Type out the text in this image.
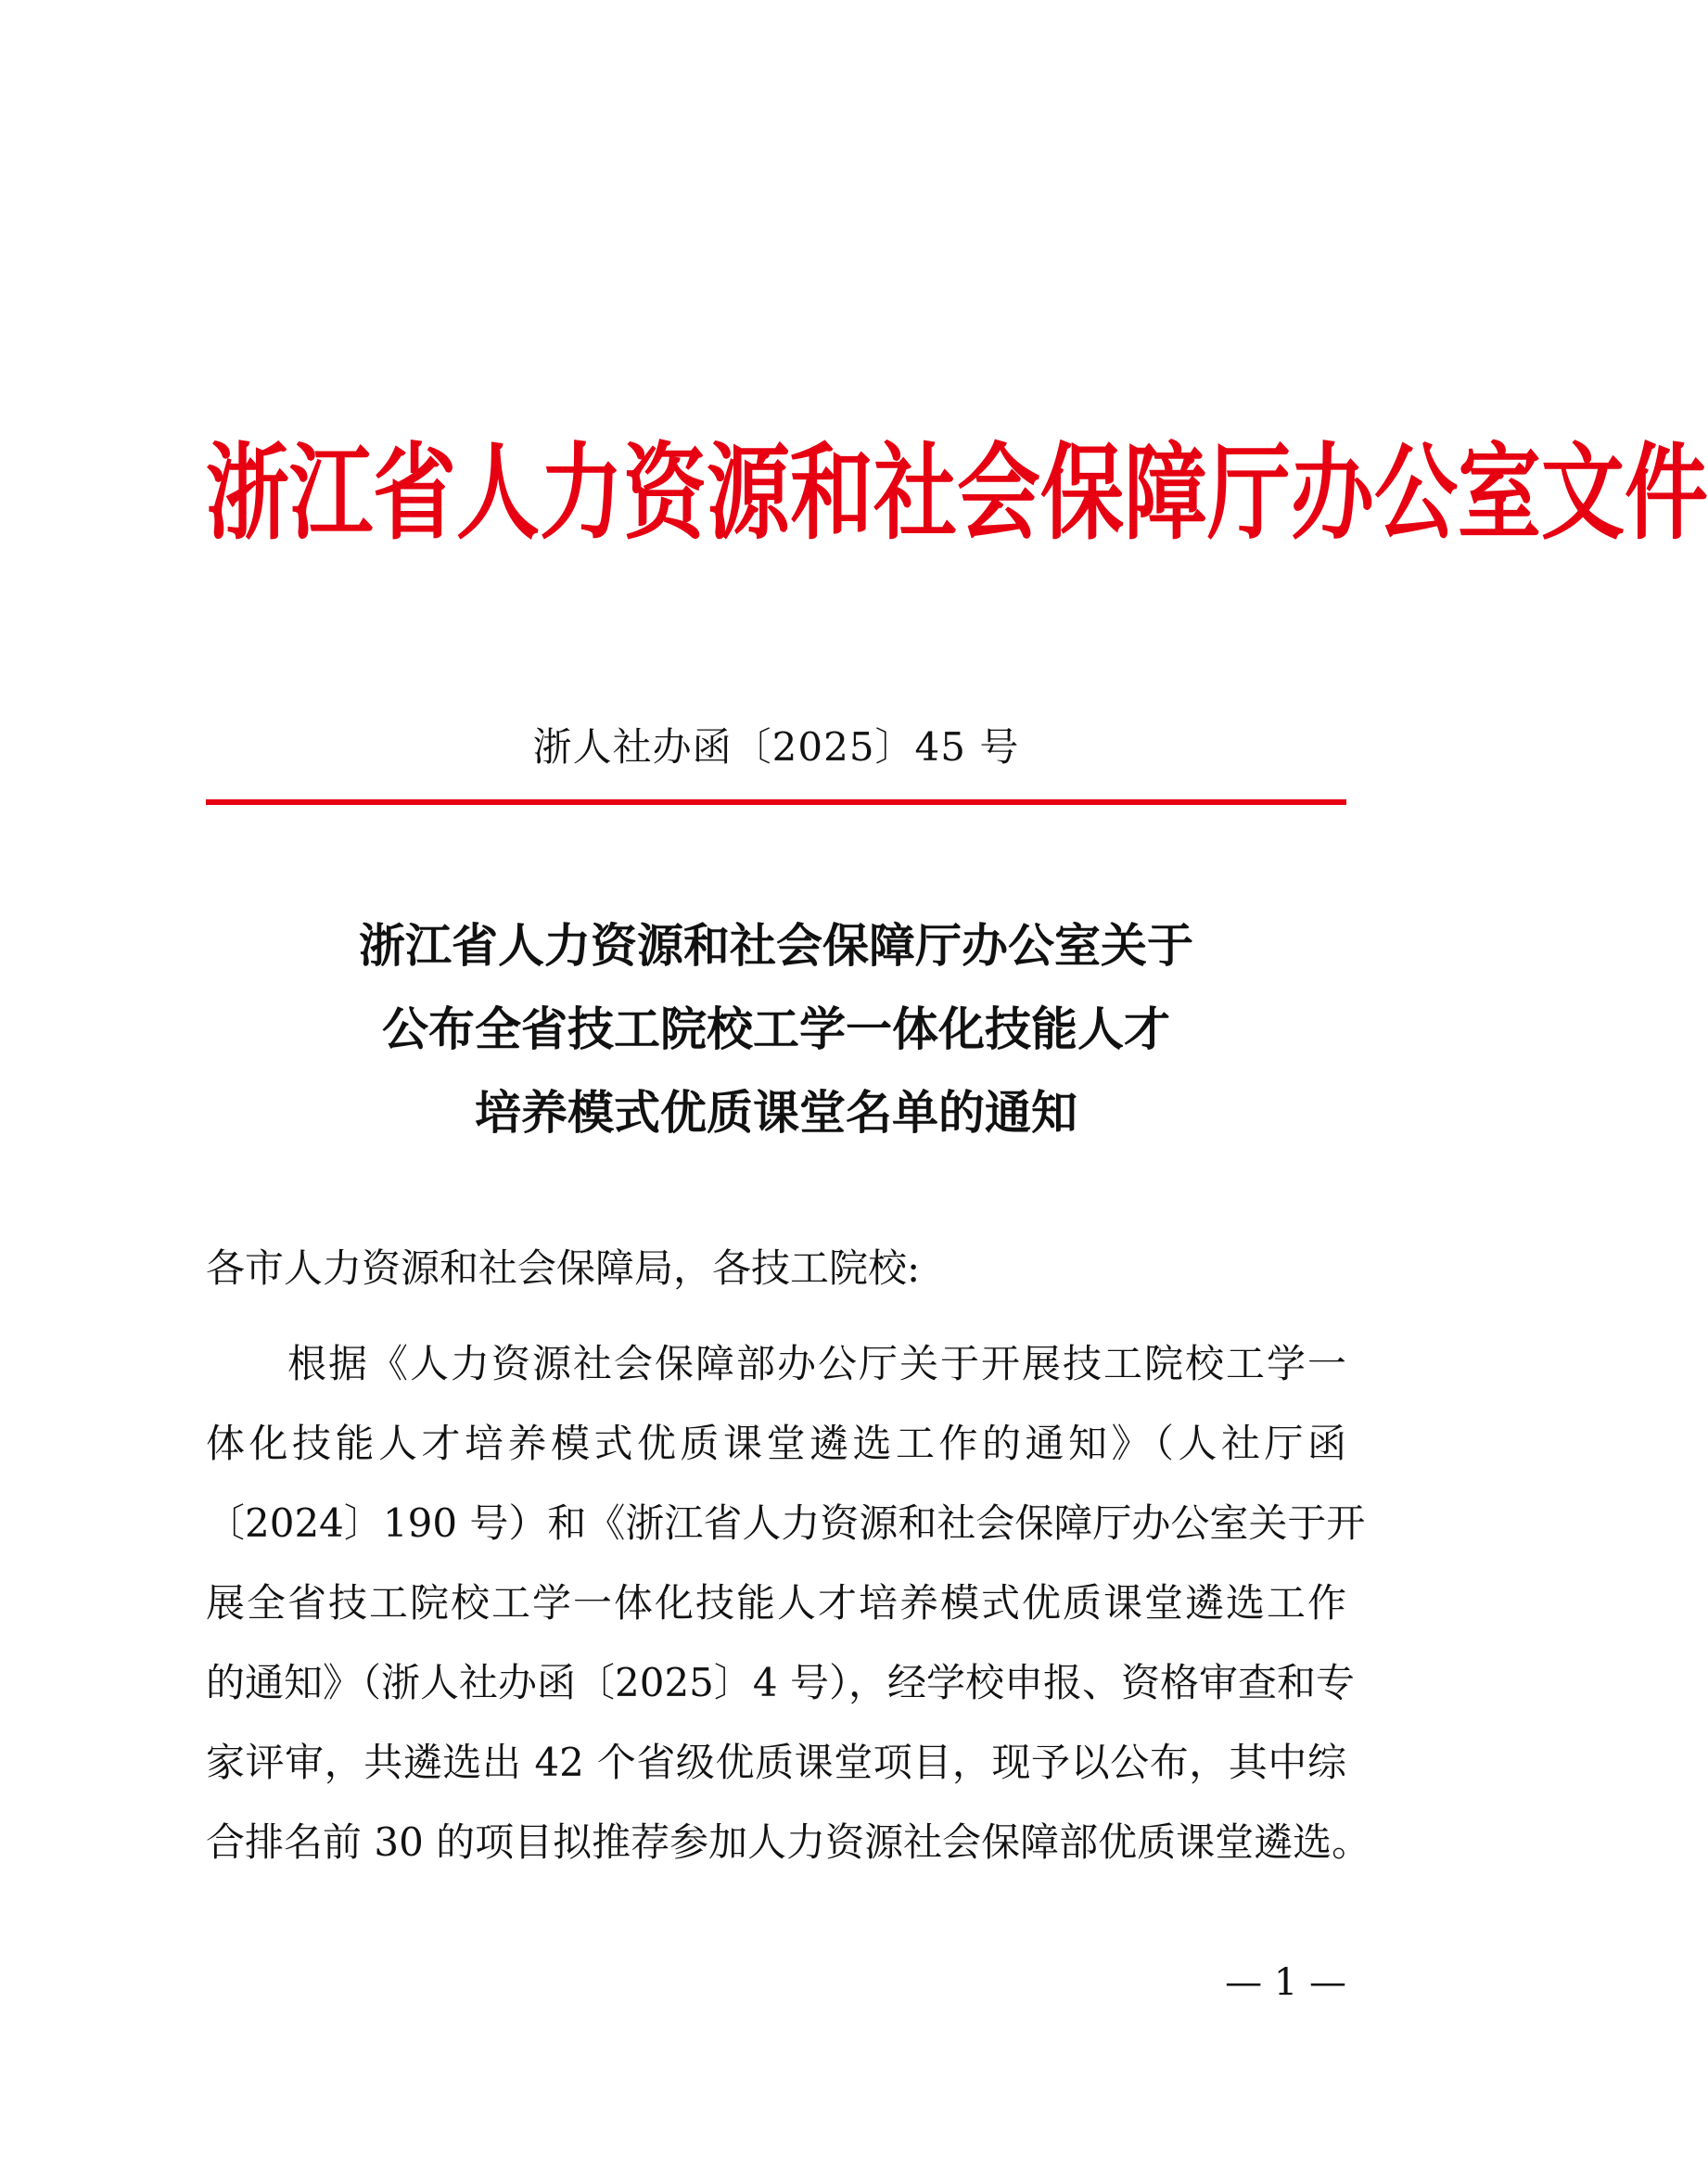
浙江省人力资源和社会保障厅办公室文件
浙人社办函〔2025〕45 号
浙江省人力资源和社会保障厅办公室关于
公布全省技工院校工学一体化技能人才
培养模式优质课堂名单的通知
各市人力资源和社会保障局，各技工院校:
　　根据《人力资源社会保障部办公厅关于开展技工院校工学一
体化技能人才培养模式优质课堂遴选工作的通知》（人社厅函
〔2024〕190 号）和《浙江省人力资源和社会保障厅办公室关于开
展全省技工院校工学一体化技能人才培养模式优质课堂遴选工作
的通知》（浙人社办函〔2025〕4 号），经学校申报、资格审查和专
家评审，共遴选出 42 个省级优质课堂项目，现予以公布，其中综
合排名前 30 的项目拟推荐参加人力资源社会保障部优质课堂遴选。
— 1 —
